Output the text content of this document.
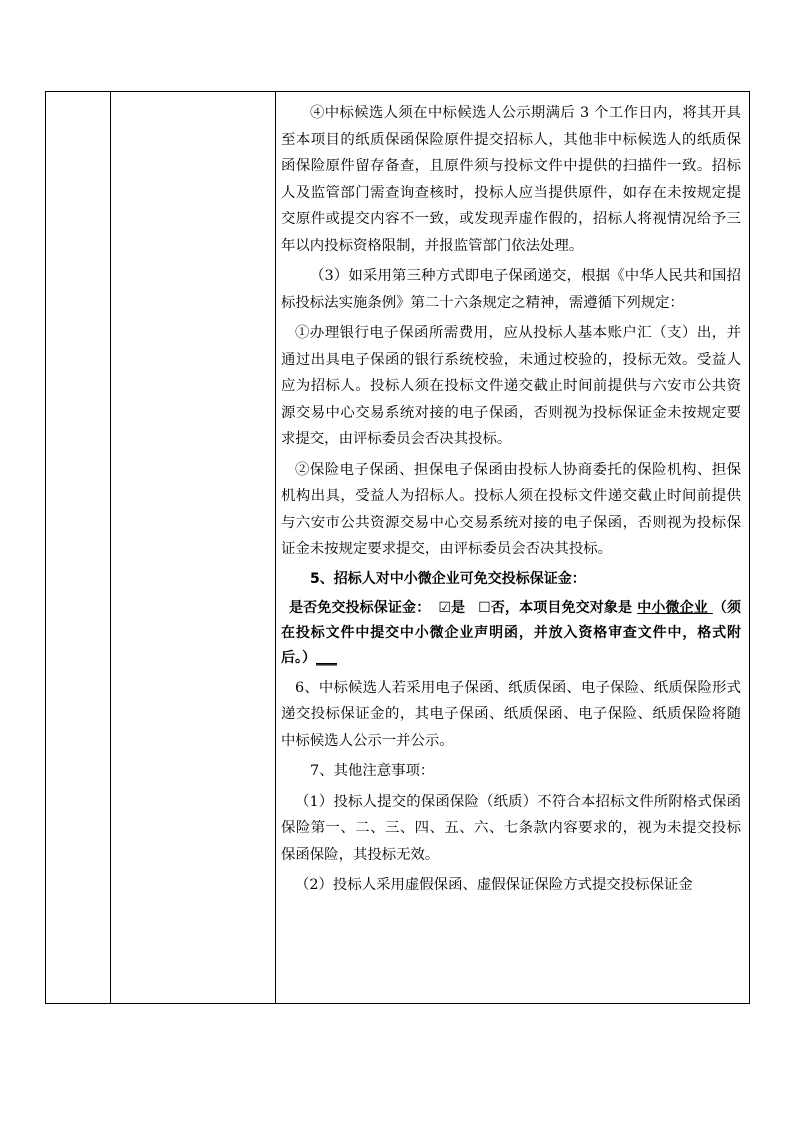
④中标候选人须在中标候选人公示期满后 3 个工作日内，将其开具至本项目的纸质保函保险原件提交招标人，其他非中标候选人的纸质保函保险原件留存备查，且原件须与投标文件中提供的扫描件一致。招标人及监管部门需查询查核时，投标人应当提供原件，如存在未按规定提交原件或提交内容不一致，或发现弄虚作假的，招标人将视情况给予三年以内投标资格限制，并报监管部门依法处理。

（3）如采用第三种方式即电子保函递交，根据《中华人民共和国招标投标法实施条例》第二十六条规定之精神，需遵循下列规定：

①办理银行电子保函所需费用，应从投标人基本账户汇（支）出，并通过出具电子保函的银行系统校验，未通过校验的，投标无效。受益人应为招标人。投标人须在投标文件递交截止时间前提供与六安市公共资源交易中心交易系统对接的电子保函，否则视为投标保证金未按规定要求提交，由评标委员会否决其投标。

②保险电子保函、担保电子保函由投标人协商委托的保险机构、担保机构出具，受益人为招标人。投标人须在投标文件递交截止时间前提供与六安市公共资源交易中心交易系统对接的电子保函，否则视为投标保证金未按规定要求提交，由评标委员会否决其投标。

5、招标人对中小微企业可免交投标保证金：

是否免交投标保证金： ☑是 ☐否，本项目免交对象是 中小微企业 （须在投标文件中提交中小微企业声明函，并放入资格审查文件中，格式附后。）___

6、中标候选人若采用电子保函、纸质保函、电子保险、纸质保险形式递交投标保证金的，其电子保函、纸质保函、电子保险、纸质保险将随中标候选人公示一并公示。

7、其他注意事项：

（1）投标人提交的保函保险（纸质）不符合本招标文件所附格式保函保险第一、二、三、四、五、六、七条款内容要求的，视为未提交投标保函保险，其投标无效。

（2）投标人采用虚假保函、虚假保证保险方式提交投标保证金
